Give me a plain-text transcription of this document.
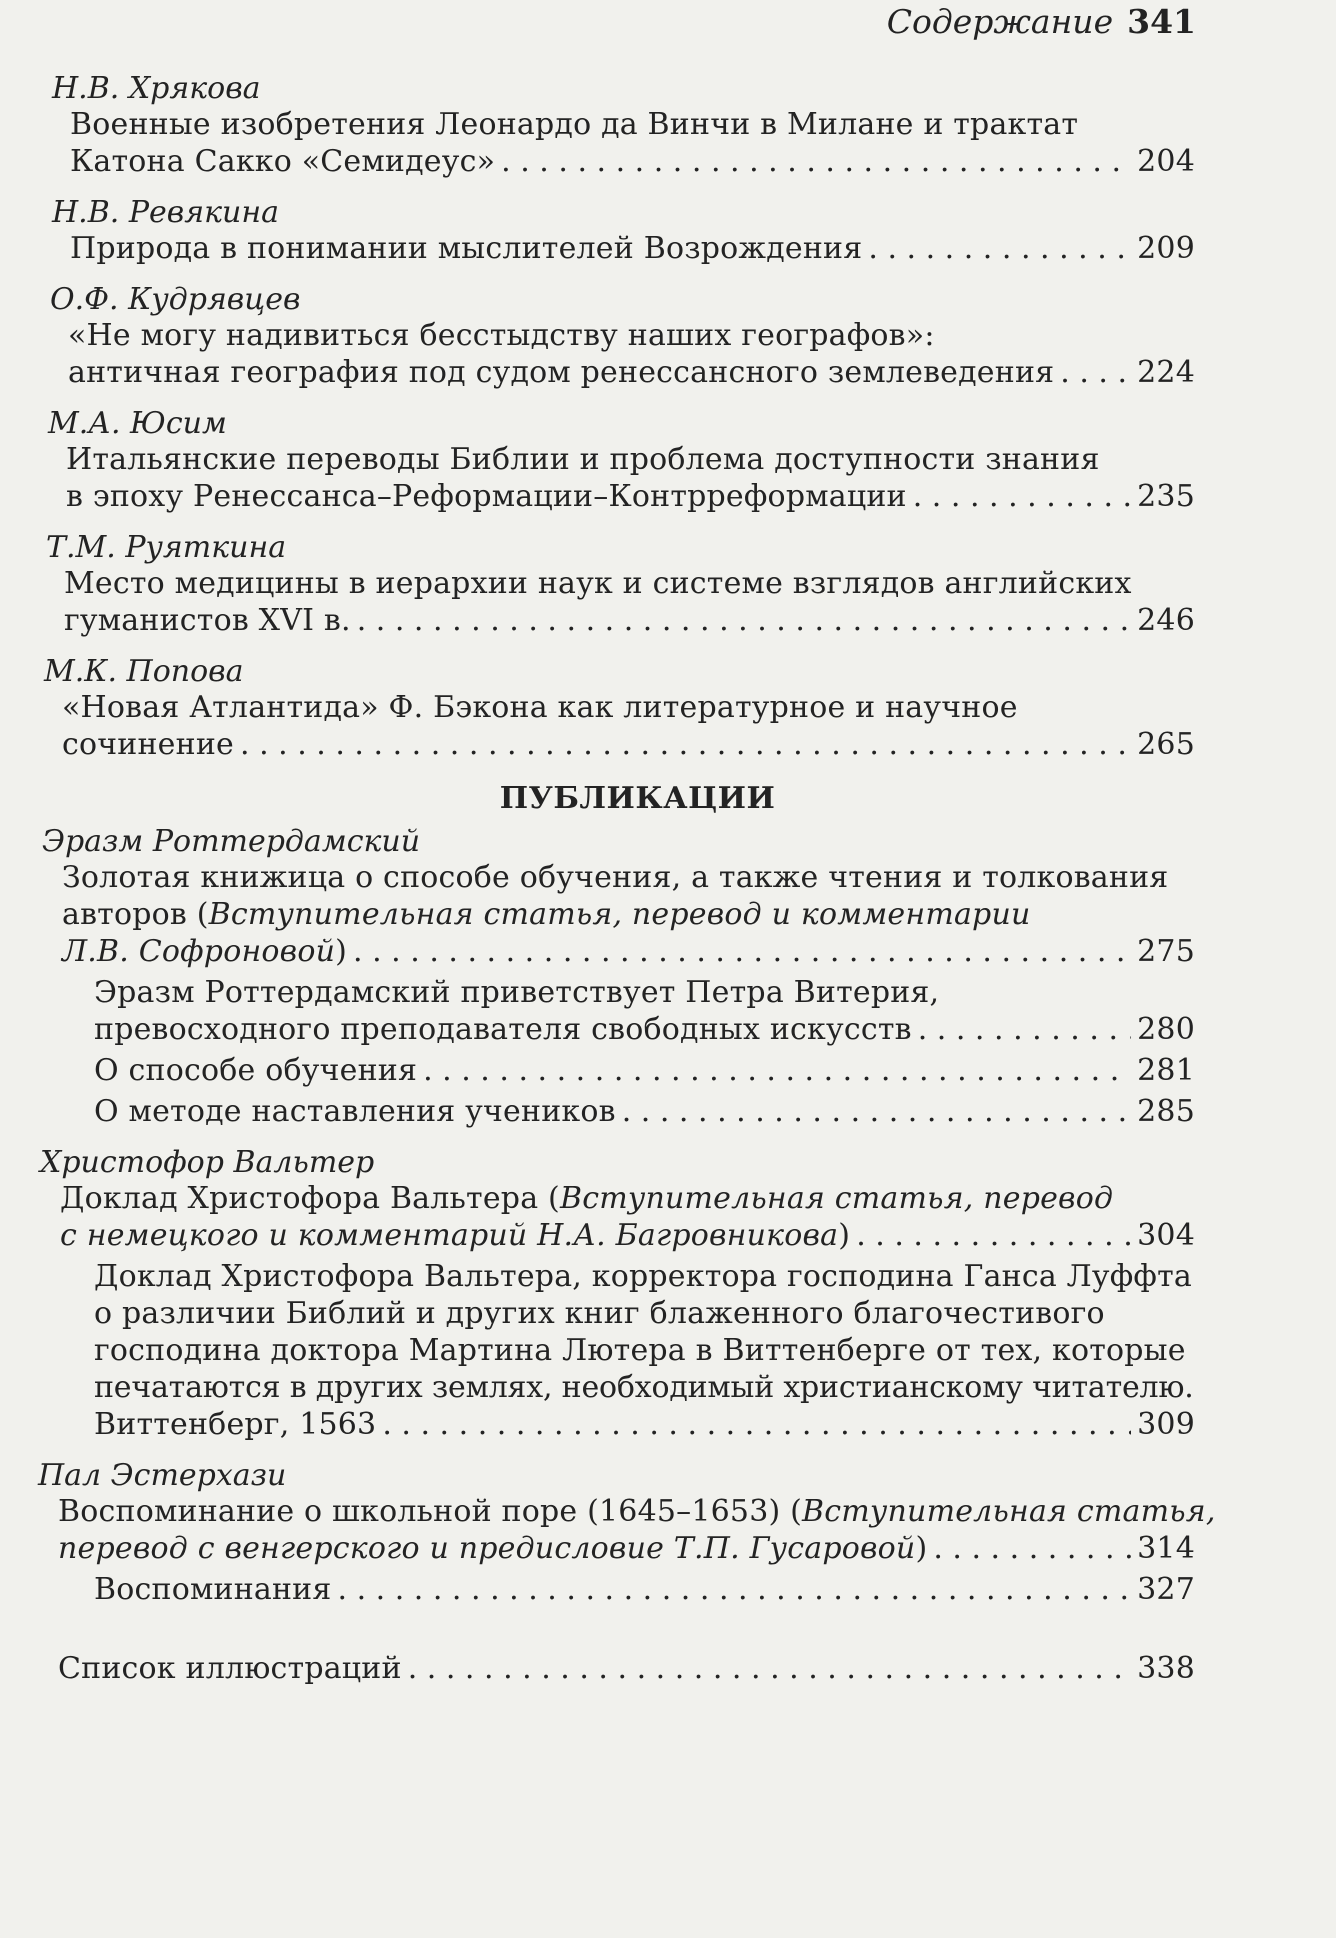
Содержание 341
Н.В. Хрякова
Военные изобретения Леонардо да Винчи в Милане и трактат
Катона Сакко «Семидеус» . . .	204
Н.В. Ревякина
Природа в понимании мыслителей Возрождения . . .	209
О.Ф. Кудрявцев
«Не могу надивиться бесстыдству наших географов»:
античная география под судом ренессансного землеведения . . .	224
М.А. Юсим
Итальянские переводы Библии и проблема доступности знания
в эпоху Ренессанса–Реформации–Контрреформации . . .	235
Т.М. Руяткина
Место медицины в иерархии наук и системе взглядов английских
гуманистов XVI в. . . .	246
М.К. Попова
«Новая Атлантида» Ф. Бэкона как литературное и научное
сочинение . . .	265
ПУБЛИКАЦИИ
Эразм Роттердамский
Золотая книжица о способе обучения, а также чтения и толкования
авторов (Вступительная статья, перевод и комментарии
Л.В. Софроновой) . . .	275
Эразм Роттердамский приветствует Петра Витерия,
превосходного преподавателя свободных искусств . . .	280
О способе обучения . . .	281
О методе наставления учеников . . .	285
Христофор Вальтер
Доклад Христофора Вальтера (Вступительная статья, перевод
с немецкого и комментарий Н.А. Багровникова) . . .	304
Доклад Христофора Вальтера, корректора господина Ганса Луффта
о различии Библий и других книг блаженного благочестивого
господина доктора Мартина Лютера в Виттенберге от тех, которые
печатаются в других землях, необходимый христианскому читателю.
Виттенберг, 1563 . . .	309
Пал Эстерхази
Воспоминание о школьной поре (1645–1653) (Вступительная статья,
перевод с венгерского и предисловие Т.П. Гусаровой) . . .	314
Воспоминания . . .	327
Список иллюстраций . . .	338
